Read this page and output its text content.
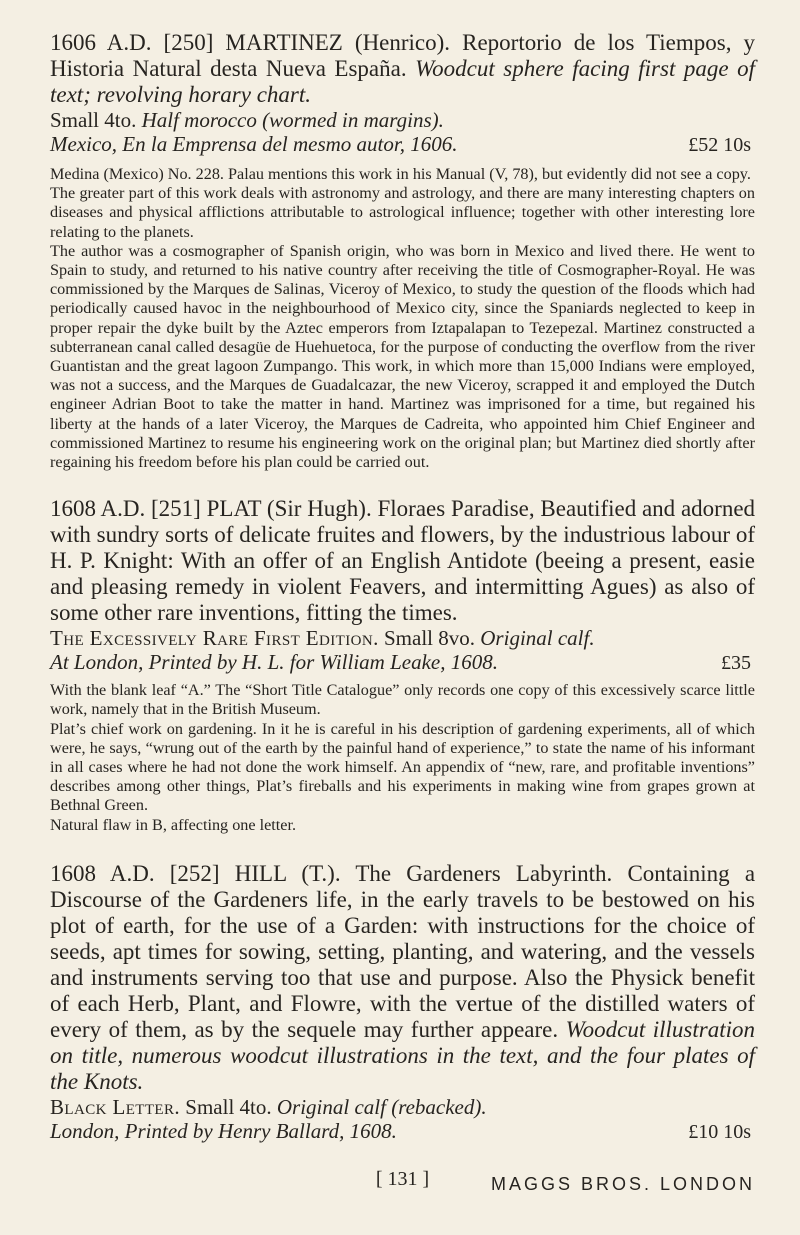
1606 A.D. [250] MARTINEZ (Henrico). Reportorio de los Tiempos, y Historia Natural desta Nueva España. Woodcut sphere facing first page of text; revolving horary chart.

Small 4to. Half morocco (wormed in margins).

Mexico, En la Emprensa del mesmo autor, 1606.	£52 10s

Medina (Mexico) No. 228. Palau mentions this work in his Manual (V, 78), but evidently did not see a copy.

The greater part of this work deals with astronomy and astrology, and there are many interesting chapters on diseases and physical afflictions attributable to astrological influence; together with other interesting lore relating to the planets.

The author was a cosmographer of Spanish origin, who was born in Mexico and lived there. He went to Spain to study, and returned to his native country after receiving the title of Cosmographer-Royal. He was commissioned by the Marques de Salinas, Viceroy of Mexico, to study the question of the floods which had periodically caused havoc in the neighbourhood of Mexico city, since the Spaniards neglected to keep in proper repair the dyke built by the Aztec emperors from Iztapalapan to Tezepezal. Martinez constructed a subterranean canal called desagüe de Huehuetoca, for the purpose of conducting the overflow from the river Guantistan and the great lagoon Zumpango. This work, in which more than 15,000 Indians were employed, was not a success, and the Marques de Guadalcazar, the new Viceroy, scrapped it and employed the Dutch engineer Adrian Boot to take the matter in hand. Martinez was imprisoned for a time, but regained his liberty at the hands of a later Viceroy, the Marques de Cadreita, who appointed him Chief Engineer and commissioned Martinez to resume his engineering work on the original plan; but Martinez died shortly after regaining his freedom before his plan could be carried out.

1608 A.D. [251] PLAT (Sir Hugh). Floraes Paradise, Beautified and adorned with sundry sorts of delicate fruites and flowers, by the industrious labour of H. P. Knight: With an offer of an English Antidote (beeing a present, easie and pleasing remedy in violent Feavers, and intermitting Agues) as also of some other rare inventions, fitting the times.

The Excessively Rare First Edition. Small 8vo. Original calf.

At London, Printed by H. L. for William Leake, 1608.	£35

With the blank leaf “A.” The “Short Title Catalogue” only records one copy of this excessively scarce little work, namely that in the British Museum.

Plat’s chief work on gardening. In it he is careful in his description of gardening experiments, all of which were, he says, “wrung out of the earth by the painful hand of experience,” to state the name of his informant in all cases where he had not done the work himself. An appendix of “new, rare, and profitable inventions” describes among other things, Plat’s fireballs and his experiments in making wine from grapes grown at Bethnal Green.

Natural flaw in B, affecting one letter.

1608 A.D. [252] HILL (T.). The Gardeners Labyrinth. Containing a Discourse of the Gardeners life, in the early travels to be bestowed on his plot of earth, for the use of a Garden: with instructions for the choice of seeds, apt times for sowing, setting, planting, and watering, and the vessels and instruments serving too that use and purpose. Also the Physick benefit of each Herb, Plant, and Flowre, with the vertue of the distilled waters of every of them, as by the sequele may further appeare. Woodcut illustration on title, numerous woodcut illustrations in the text, and the four plates of the Knots.

Black Letter. Small 4to. Original calf (rebacked).

London, Printed by Henry Ballard, 1608.	£10 10s
[ 131 ]	MAGGS BROS. LONDON
